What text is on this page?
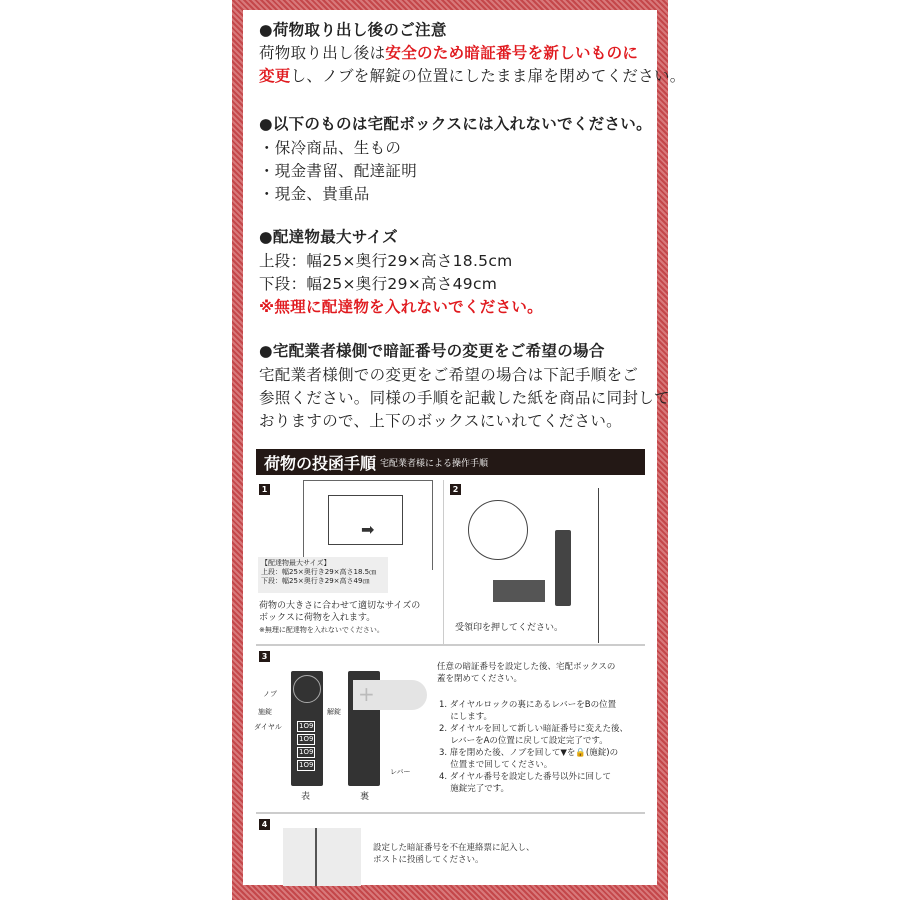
●荷物取り出し後のご注意
荷物取り出し後は安全のため暗証番号を新しいものに
変更し、ノブを解錠の位置にしたまま扉を閉めてください。
●以下のものは宅配ボックスには入れないでください。
・保冷商品、生もの
・現金書留、配達証明
・現金、貴重品
●配達物最大サイズ
上段：幅25×奥行29×高さ18.5cm
下段：幅25×奥行29×高さ49cm
※無理に配達物を入れないでください。
●宅配業者様側で暗証番号の変更をご希望の場合
宅配業者様側での変更をご希望の場合は下記手順をご
参照ください。同様の手順を記載した紙を商品に同封して
おりますので、上下のボックスにいれてください。
荷物の投函手順 宅配業者様による操作手順
1
➡
【配達物最大サイズ】
上段：幅25×奥行き29×高さ18.5㎝
下段：幅25×奥行き29×高さ49㎝
荷物の大きさに合わせて適切なサイズの
ボックスに荷物を入れます。
※無理に配達物を入れないでください。
2
受領印を押してください。
3
1O9
1O9
1O9
1O9
ノブ
施錠	解錠
ダイヤル
表
+
レバー
裏
任意の暗証番号を設定した後、宅配ボックスの
蓋を閉めてください。
1. ダイヤルロックの裏にあるレバーをBの位置
　 にします。
2. ダイヤルを回して新しい暗証番号に変えた後、
　 レバーをAの位置に戻して設定完了です。
3. 扉を閉めた後、ノブを回して▼を🔒(施錠)の
　 位置まで回してください。
4. ダイヤル番号を設定した番号以外に回して
　 施錠完了です。
4
設定した暗証番号を不在連絡票に記入し、
ポストに投函してください。
